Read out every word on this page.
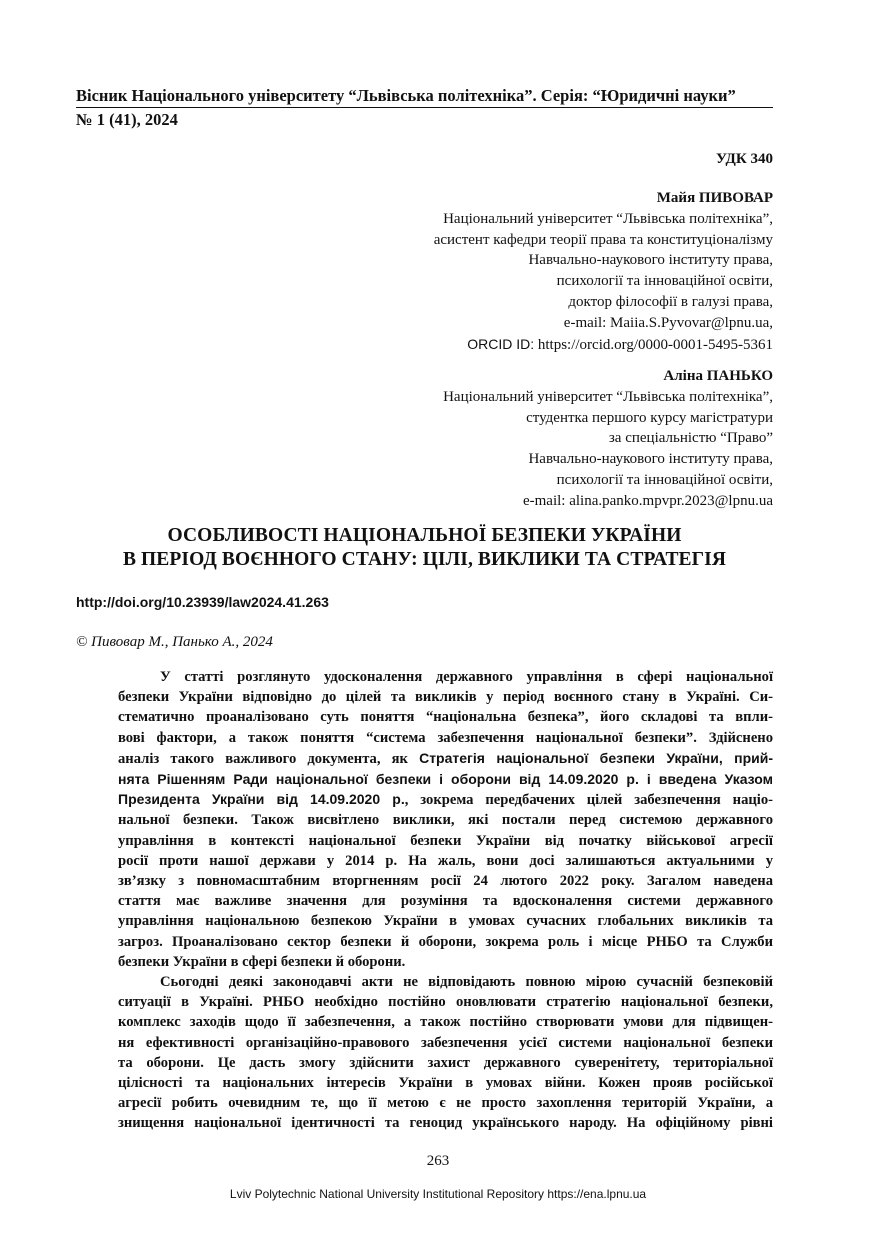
Вісник Національного університету “Львівська політехніка”. Серія: “Юридичні науки”
№ 1 (41), 2024
УДК 340
Майя ПИВОВАР
Національний університет “Львівська політехніка”,
асистент кафедри теорії права та конституціоналізму
Навчально-наукового інституту права,
психології та інноваційної освіти,
доктор філософії в галузі права,
e-mail: Maiia.S.Pyvovar@lpnu.ua,
ORCID ID: https://orcid.org/0000-0001-5495-5361
Аліна ПАНЬКО
Національний університет “Львівська політехніка”,
студентка першого курсу магістратури
за спеціальністю “Право”
Навчально-наукового інституту права,
психології та інноваційної освіти,
e-mail: alina.panko.mpvpr.2023@lpnu.ua
ОСОБЛИВОСТІ НАЦІОНАЛЬНОЇ БЕЗПЕКИ УКРАЇНИ
В ПЕРІОД ВОЄННОГО СТАНУ: ЦІЛІ, ВИКЛИКИ ТА СТРАТЕГІЯ
http://doi.org/10.23939/law2024.41.263
© Пивовар М., Панько А., 2024

У статті розглянуто удосконалення державного управління в сфері національної
безпеки України відповідно до цілей та викликів у період воєнного стану в Україні. Си-
стематично проаналізовано суть поняття “національна безпека”, його складові та впли-
вові фактори, а також поняття “система забезпечення національної безпеки”. Здійснено
аналіз такого важливого документа, як Стратегія національної безпеки України, прий-
нята Рішенням Ради національної безпеки і оборони від 14.09.2020 р. і введена Указом
Президента України від 14.09.2020 р., зокрема передбачених цілей забезпечення націо-
нальної безпеки. Також висвітлено виклики, які постали перед системою державного
управління в контексті національної безпеки України від початку військової агресії
росії проти нашої держави у 2014 р. На жаль, вони досі залишаються актуальними у
зв’язку з повномасштабним вторгненням росії 24 лютого 2022 року. Загалом наведена
стаття має важливе значення для розуміння та вдосконалення системи державного
управління національною безпекою України в умовах сучасних глобальних викликів та
загроз. Проаналізовано сектор безпеки й оборони, зокрема роль і місце РНБО та Служби
безпеки України в сфері безпеки й оборони.

Сьогодні деякі законодавчі акти не відповідають повною мірою сучасній безпековій
ситуації в Україні. РНБО необхідно постійно оновлювати стратегію національної безпеки,
комплекс заходів щодо її забезпечення, а також постійно створювати умови для підвищен-
ня ефективності організаційно-правового забезпечення усієї системи національної безпеки
та оборони. Це дасть змогу здійснити захист державного суверенітету, територіальної
цілісності та національних інтересів України в умовах війни. Кожен прояв російської
агресії робить очевидним те, що її метою є не просто захоплення територій України, а
знищення національної ідентичності та геноцид українського народу. На офіційному рівні

263
Lviv Polytechnic National University Institutional Repository https://ena.lpnu.ua
